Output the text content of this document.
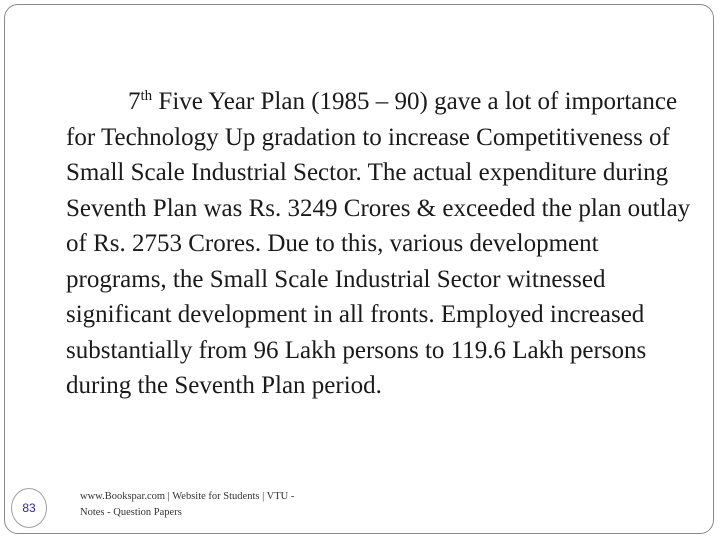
7th Five Year Plan (1985 – 90) gave a lot of importance for Technology Up gradation to increase Competitiveness of Small Scale Industrial Sector. The actual expenditure during Seventh Plan was Rs. 3249 Crores & exceeded the plan outlay of Rs. 2753 Crores. Due to this, various development programs, the Small Scale Industrial Sector witnessed significant development in all fronts. Employed increased substantially from 96 Lakh persons to 119.6 Lakh persons during the Seventh Plan period.

83
www.Bookspar.com | Website for Students | VTU -
Notes - Question Papers
